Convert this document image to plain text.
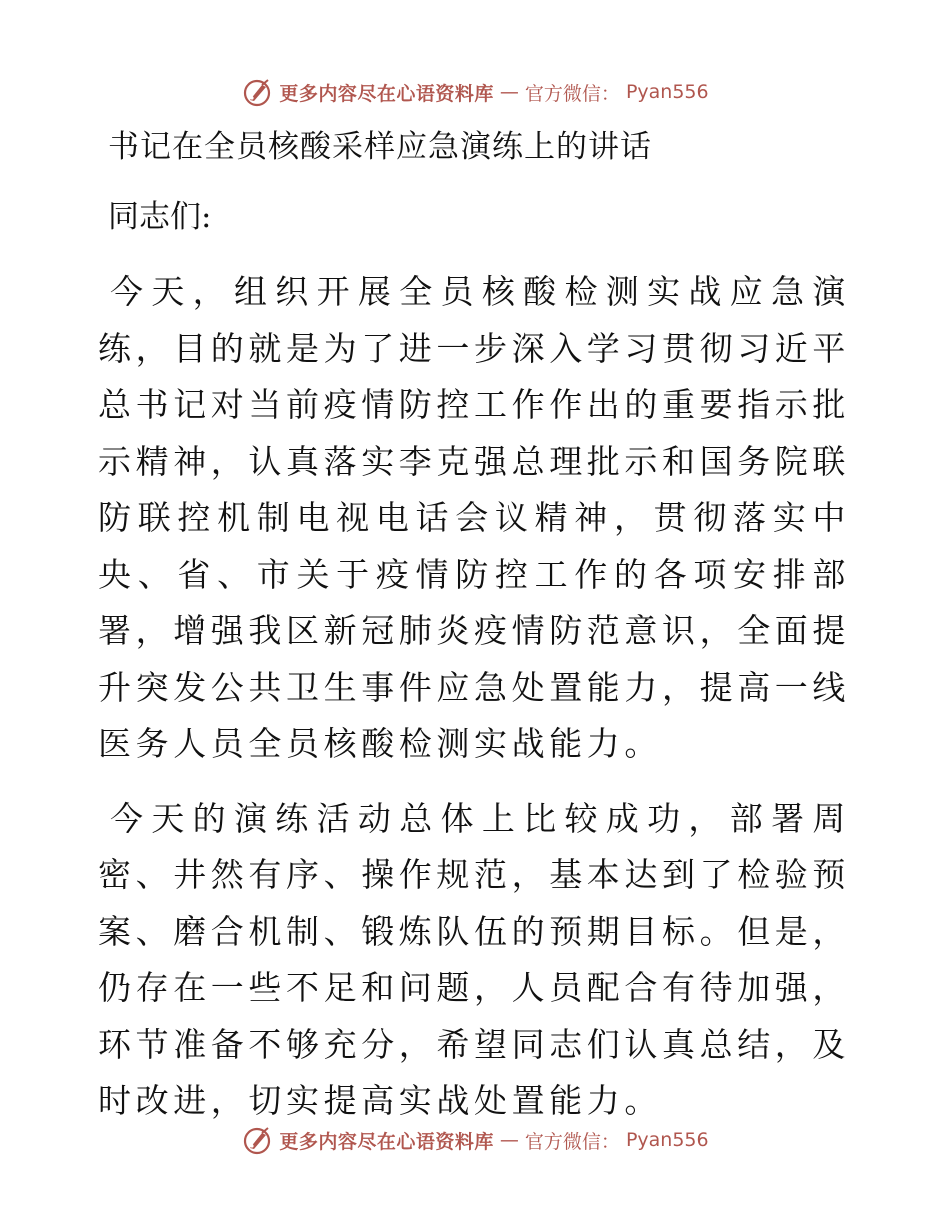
更多内容尽在心语资料库 — 官方微信： Pyan556
书记在全员核酸采样应急演练上的讲话

同志们:

今天，组织开展全员核酸检测实战应急演练，目的就是为了进一步深入学习贯彻习近平总书记对当前疫情防控工作作出的重要指示批示精神，认真落实李克强总理批示和国务院联防联控机制电视电话会议精神，贯彻落实中央、省、市关于疫情防控工作的各项安排部署，增强我区新冠肺炎疫情防范意识，全面提升突发公共卫生事件应急处置能力，提高一线医务人员全员核酸检测实战能力。

今天的演练活动总体上比较成功，部署周密、井然有序、操作规范，基本达到了检验预案、磨合机制、锻炼队伍的预期目标。但是，仍存在一些不足和问题，人员配合有待加强，环节准备不够充分，希望同志们认真总结，及时改进，切实提高实战处置能力。

更多内容尽在心语资料库 — 官方微信： Pyan556
